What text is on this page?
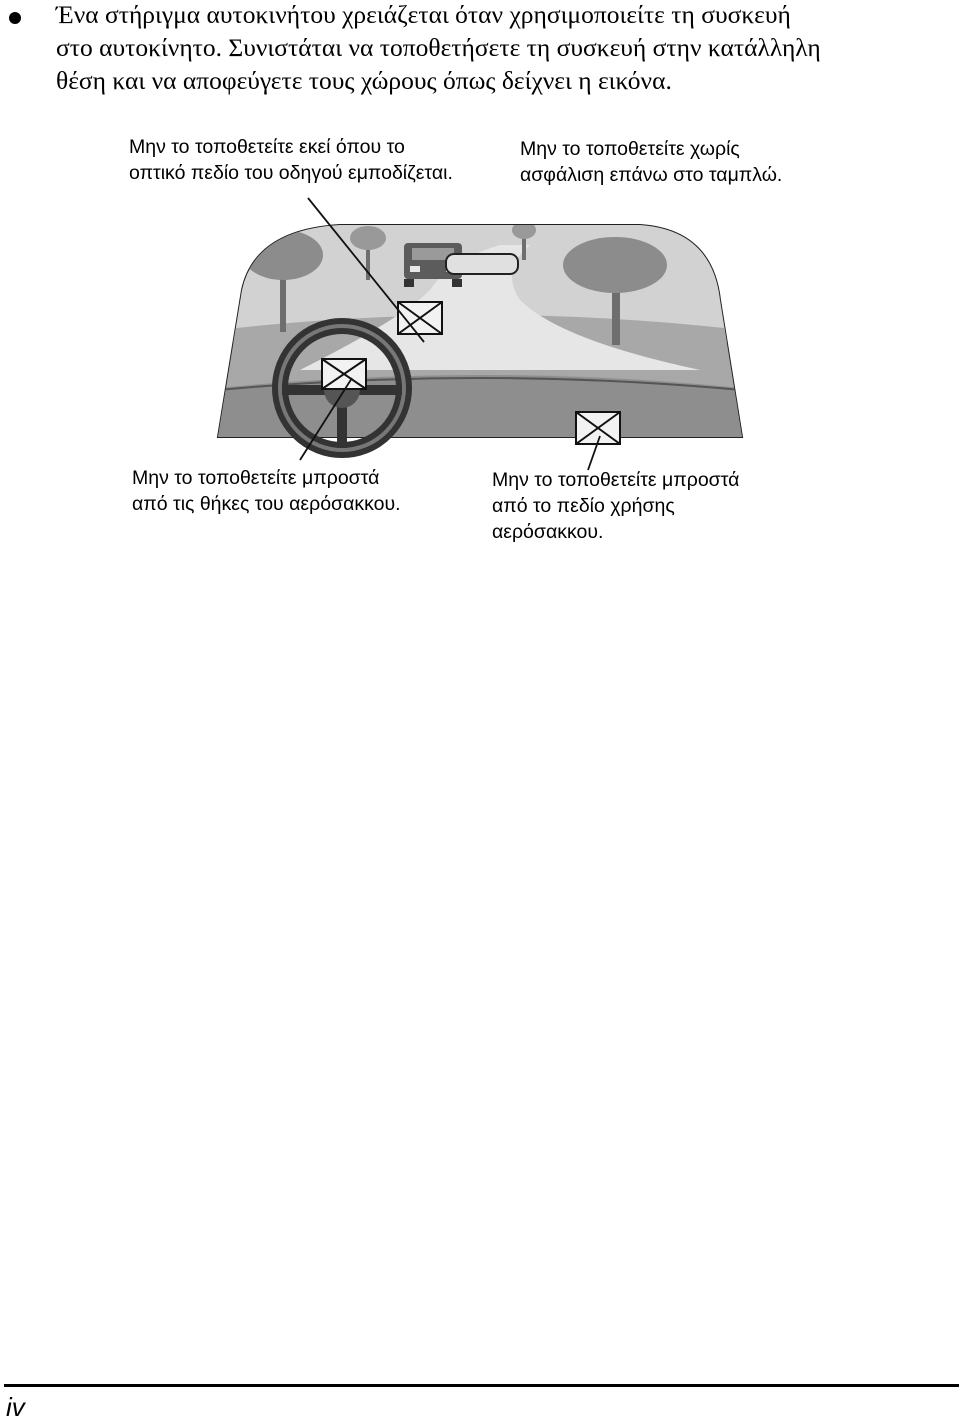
Ένα στήριγμα αυτοκινήτου χρειάζεται όταν χρησιμοποιείτε τη συσκευή
στο αυτοκίνητο. Συνιστάται να τοποθετήσετε τη συσκευή στην κατάλληλη
θέση και να αποφεύγετε τους χώρους όπως δείχνει η εικόνα.
Μην το τοποθετείτε εκεί όπου το
οπτικό πεδίο του οδηγού εμποδίζεται.
Μην το τοποθετείτε χωρίς
ασφάλιση επάνω στο ταμπλώ.
Μην το τοποθετείτε μπροστά
από τις θήκες του αερόσακκου.
Μην το τοποθετείτε μπροστά
από το πεδίο χρήσης
αερόσακκου.
iv
